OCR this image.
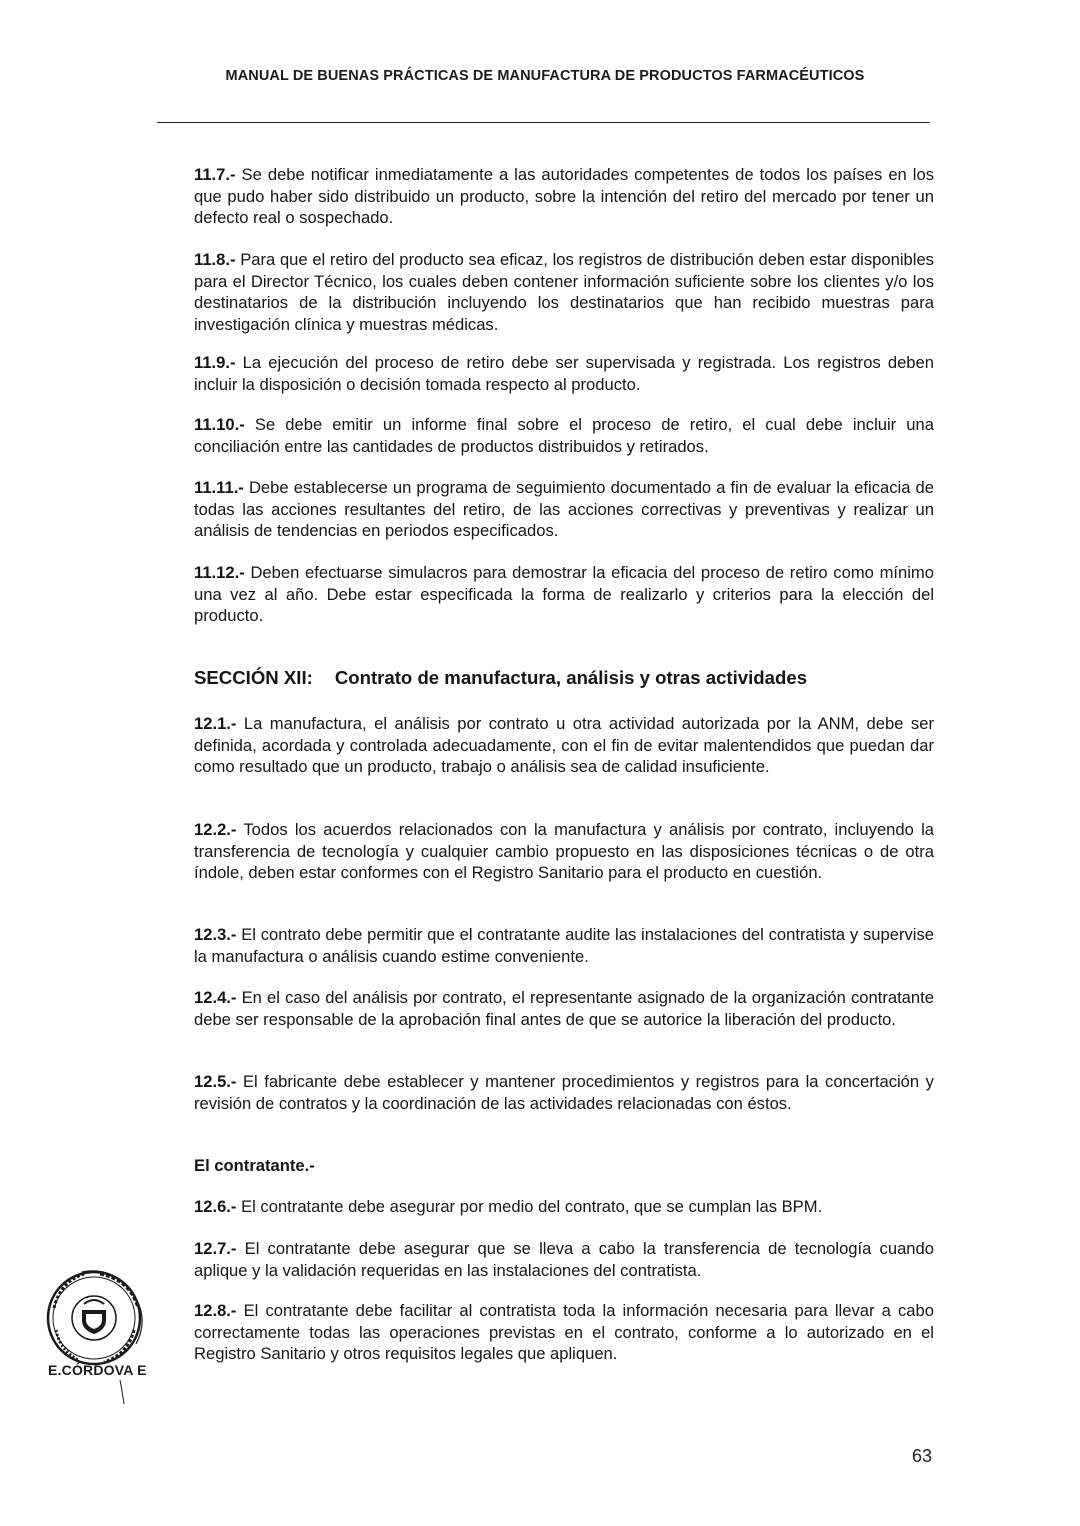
MANUAL DE BUENAS PRÁCTICAS DE MANUFACTURA DE PRODUCTOS FARMACÉUTICOS
11.7.- Se debe notificar inmediatamente a las autoridades competentes de todos los países en los que pudo haber sido distribuido un producto, sobre la intención del retiro del mercado por tener un defecto real o sospechado.
11.8.- Para que el retiro del producto sea eficaz, los registros de distribución deben estar disponibles para el Director Técnico, los cuales deben contener información suficiente sobre los clientes y/o los destinatarios de la distribución incluyendo los destinatarios que han recibido muestras para investigación clínica y muestras médicas.
11.9.- La ejecución del proceso de retiro debe ser supervisada y registrada. Los registros deben incluir la disposición o decisión tomada respecto al producto.
11.10.- Se debe emitir un informe final sobre el proceso de retiro, el cual debe incluir una conciliación entre las cantidades de productos distribuidos y retirados.
11.11.- Debe establecerse un programa de seguimiento documentado a fin de evaluar la eficacia de todas las acciones resultantes del retiro, de las acciones correctivas y preventivas y realizar un análisis de tendencias en periodos especificados.
11.12.- Deben efectuarse simulacros para demostrar la eficacia del proceso de retiro como mínimo una vez al año. Debe estar especificada la forma de realizarlo y criterios para la elección del producto.
SECCIÓN XII: Contrato de manufactura, análisis y otras actividades
12.1.- La manufactura, el análisis por contrato u otra actividad autorizada por la ANM, debe ser definida, acordada y controlada adecuadamente, con el fin de evitar malentendidos que puedan dar como resultado que un producto, trabajo o análisis sea de calidad insuficiente.
12.2.- Todos los acuerdos relacionados con la manufactura y análisis por contrato, incluyendo la transferencia de tecnología y cualquier cambio propuesto en las disposiciones técnicas o de otra índole, deben estar conformes con el Registro Sanitario para el producto en cuestión.
12.3.- El contrato debe permitir que el contratante audite las instalaciones del contratista y supervise la manufactura o análisis cuando estime conveniente.
12.4.- En el caso del análisis por contrato, el representante asignado de la organización contratante debe ser responsable de la aprobación final antes de que se autorice la liberación del producto.
12.5.- El fabricante debe establecer y mantener procedimientos y registros para la concertación y revisión de contratos y la coordinación de las actividades relacionadas con éstos.
El contratante.-
12.6.- El contratante debe asegurar por medio del contrato, que se cumplan las BPM.
12.7.- El contratante debe asegurar que se lleva a cabo la transferencia de tecnología cuando aplique y la validación requeridas en las instalaciones del contratista.
12.8.- El contratante debe facilitar al contratista toda la información necesaria para llevar a cabo correctamente todas las operaciones previstas en el contrato, conforme a lo autorizado en el Registro Sanitario y otros requisitos legales que apliquen.
E.CÓRDOVA E
63
